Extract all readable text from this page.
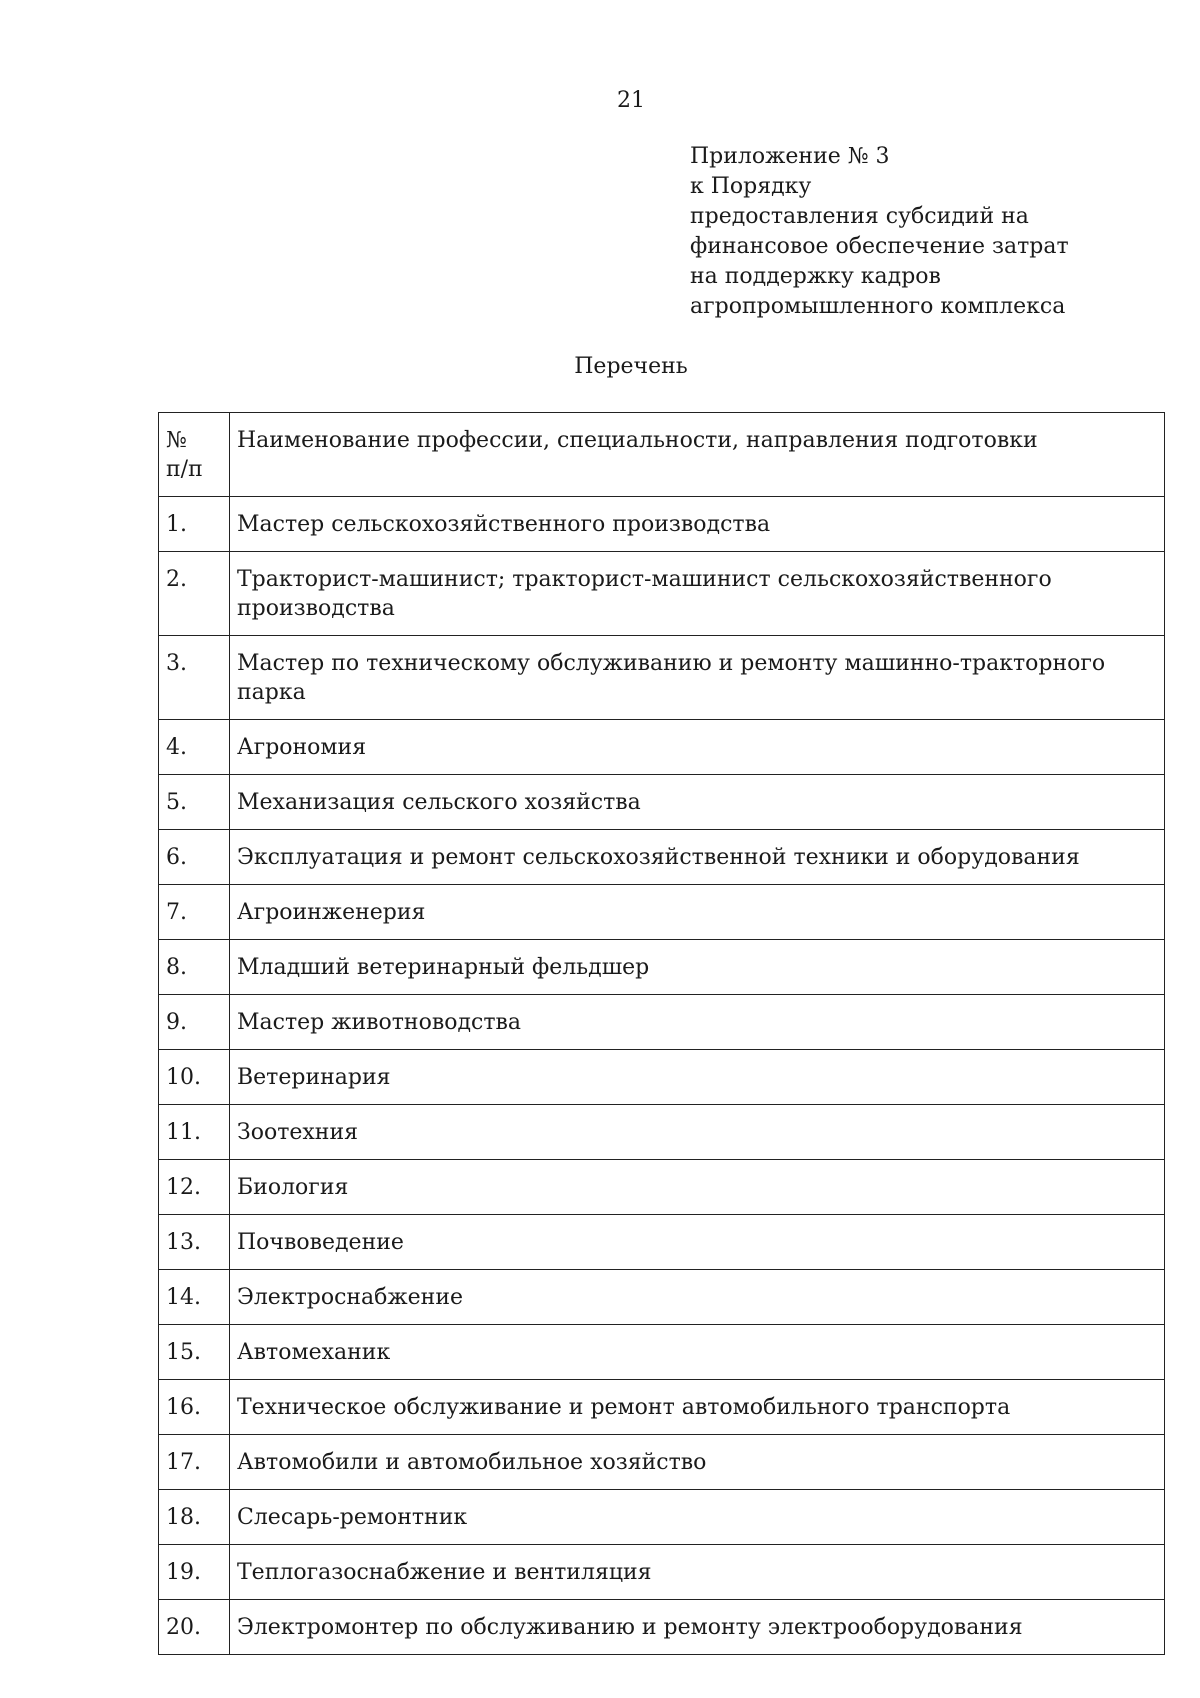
21
Приложение № 3
к Порядку
предоставления субсидий на
финансовое обеспечение затрат
на поддержку кадров
агропромышленного комплекса
Перечень
№
п/п	Наименование профессии, специальности, направления подготовки
1.	Мастер сельскохозяйственного производства
2.	Тракторист-машинист; тракторист-машинист сельскохозяйственного производства
3.	Мастер по техническому обслуживанию и ремонту машинно-тракторного парка
4.	Агрономия
5.	Механизация сельского хозяйства
6.	Эксплуатация и ремонт сельскохозяйственной техники и оборудования
7.	Агроинженерия
8.	Младший ветеринарный фельдшер
9.	Мастер животноводства
10.	Ветеринария
11.	Зоотехния
12.	Биология
13.	Почвоведение
14.	Электроснабжение
15.	Автомеханик
16.	Техническое обслуживание и ремонт автомобильного транспорта
17.	Автомобили и автомобильное хозяйство
18.	Слесарь-ремонтник
19.	Теплогазоснабжение и вентиляция
20.	Электромонтер по обслуживанию и ремонту электрооборудования
